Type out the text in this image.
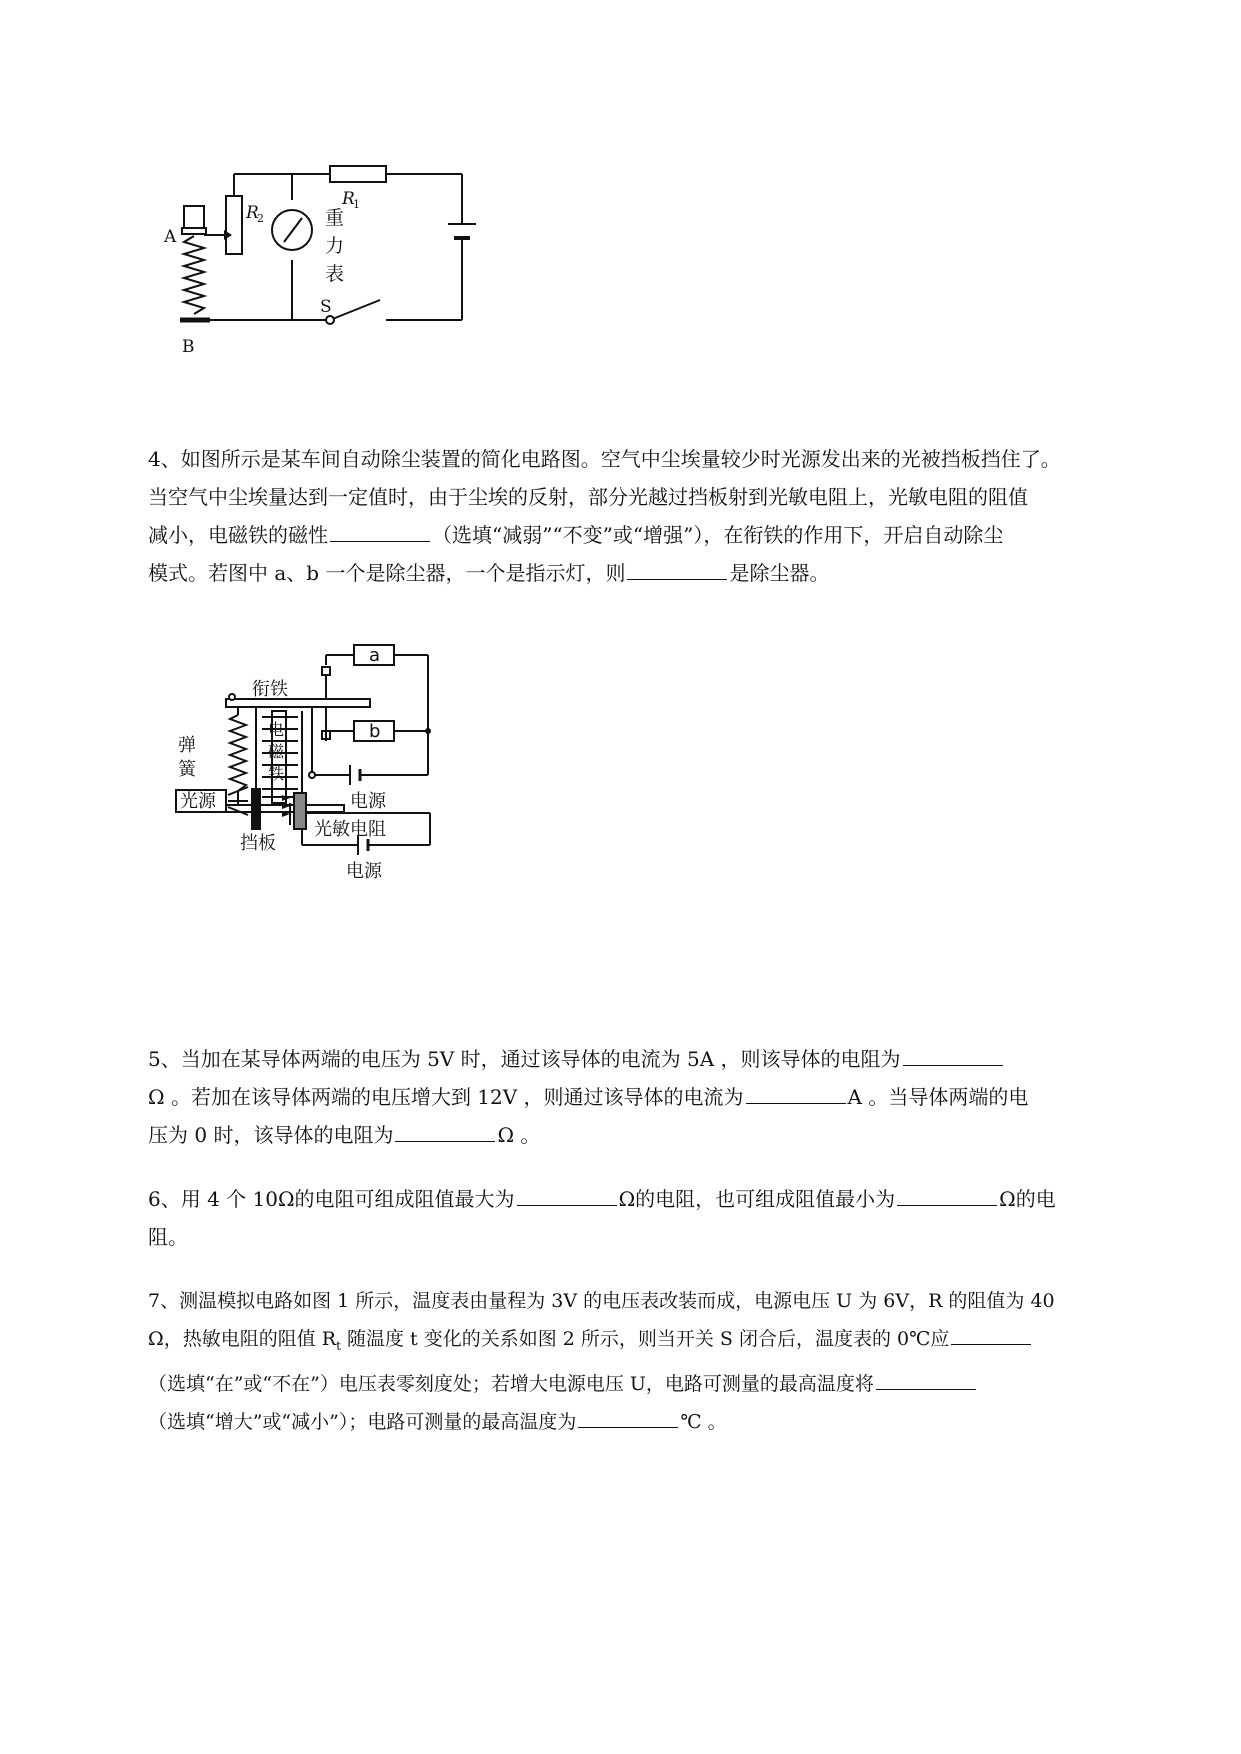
R
1
R
2
A
B
S
重
力
表
4、如图所示是某车间自动除尘装置的简化电路图。空气中尘埃量较少时光源发出来的光被挡板挡住了。
当空气中尘埃量达到一定值时，由于尘埃的反射，部分光越过挡板射到光敏电阻上，光敏电阻的阻值
减小，电磁铁的磁性	（选填“减弱”“不变”或“增强”），在衔铁的作用下，开启自动除尘
模式。若图中 a、b 一个是除尘器，一个是指示灯，则	是除尘器。
衔铁
弹
簧
电
磁
铁
a
b
电源
光源
挡板
光敏电阻
电源
5、当加在某导体两端的电压为 5V 时，通过该导体的电流为 5A ，则该导体的电阻为
Ω 。若加在该导体两端的电压增大到 12V ，则通过该导体的电流为	A 。当导体两端的电
压为 0 时，该导体的电阻为	Ω 。
6、用 4 个 10Ω的电阻可组成阻值最大为	Ω的电阻，也可组成阻值最小为	Ω的电
阻。
7、测温模拟电路如图 1 所示，温度表由量程为 3V 的电压表改装而成，电源电压 U 为 6V，R 的阻值为 40
Ω，热敏电阻的阻值 $R_t$ 随温度 t 变化的关系如图 2 所示，则当开关 S 闭合后，温度表的 0℃应
（选填“在”或“不在”）电压表零刻度处；若增大电源电压 U，电路可测量的最高温度将
（选填“增大”或“减小”）；电路可测量的最高温度为	℃ 。
